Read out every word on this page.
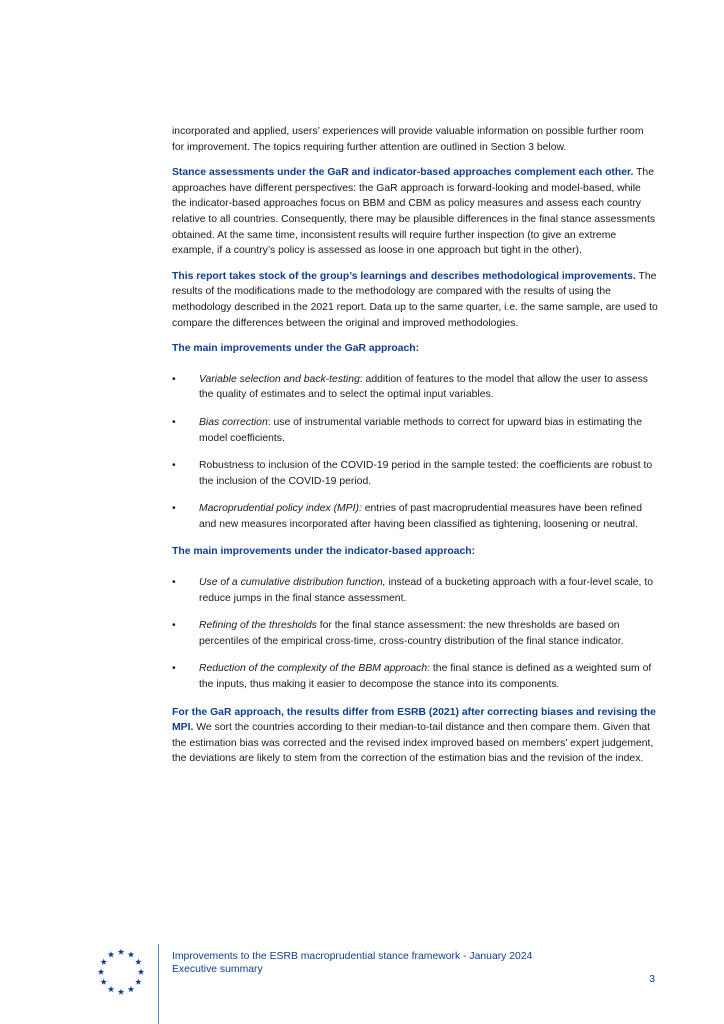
incorporated and applied, users’ experiences will provide valuable information on possible further room for improvement. The topics requiring further attention are outlined in Section 3 below.

Stance assessments under the GaR and indicator-based approaches complement each other. The approaches have different perspectives: the GaR approach is forward-looking and model-based, while the indicator-based approaches focus on BBM and CBM as policy measures and assess each country relative to all countries. Consequently, there may be plausible differences in the final stance assessments obtained. At the same time, inconsistent results will require further inspection (to give an extreme example, if a country’s policy is assessed as loose in one approach but tight in the other).

This report takes stock of the group’s learnings and describes methodological improvements. The results of the modifications made to the methodology are compared with the results of using the methodology described in the 2021 report. Data up to the same quarter, i.e. the same sample, are used to compare the differences between the original and improved methodologies.

The main improvements under the GaR approach:

• Variable selection and back-testing: addition of features to the model that allow the user to assess the quality of estimates and to select the optimal input variables.
• Bias correction: use of instrumental variable methods to correct for upward bias in estimating the model coefficients.
• Robustness to inclusion of the COVID-19 period in the sample tested: the coefficients are robust to the inclusion of the COVID-19 period.
• Macroprudential policy index (MPI): entries of past macroprudential measures have been refined and new measures incorporated after having been classified as tightening, loosening or neutral.

The main improvements under the indicator-based approach:

• Use of a cumulative distribution function, instead of a bucketing approach with a four-level scale, to reduce jumps in the final stance assessment.
• Refining of the thresholds for the final stance assessment: the new thresholds are based on percentiles of the empirical cross-time, cross-country distribution of the final stance indicator.
• Reduction of the complexity of the BBM approach: the final stance is defined as a weighted sum of the inputs, thus making it easier to decompose the stance into its components.

For the GaR approach, the results differ from ESRB (2021) after correcting biases and revising the MPI. We sort the countries according to their median-to-tail distance and then compare them. Given that the estimation bias was corrected and the revised index improved based on members’ expert judgement, the deviations are likely to stem from the correction of the estimation bias and the revision of the index.

Improvements to the ESRB macroprudential stance framework - January 2024
Executive summary
3
